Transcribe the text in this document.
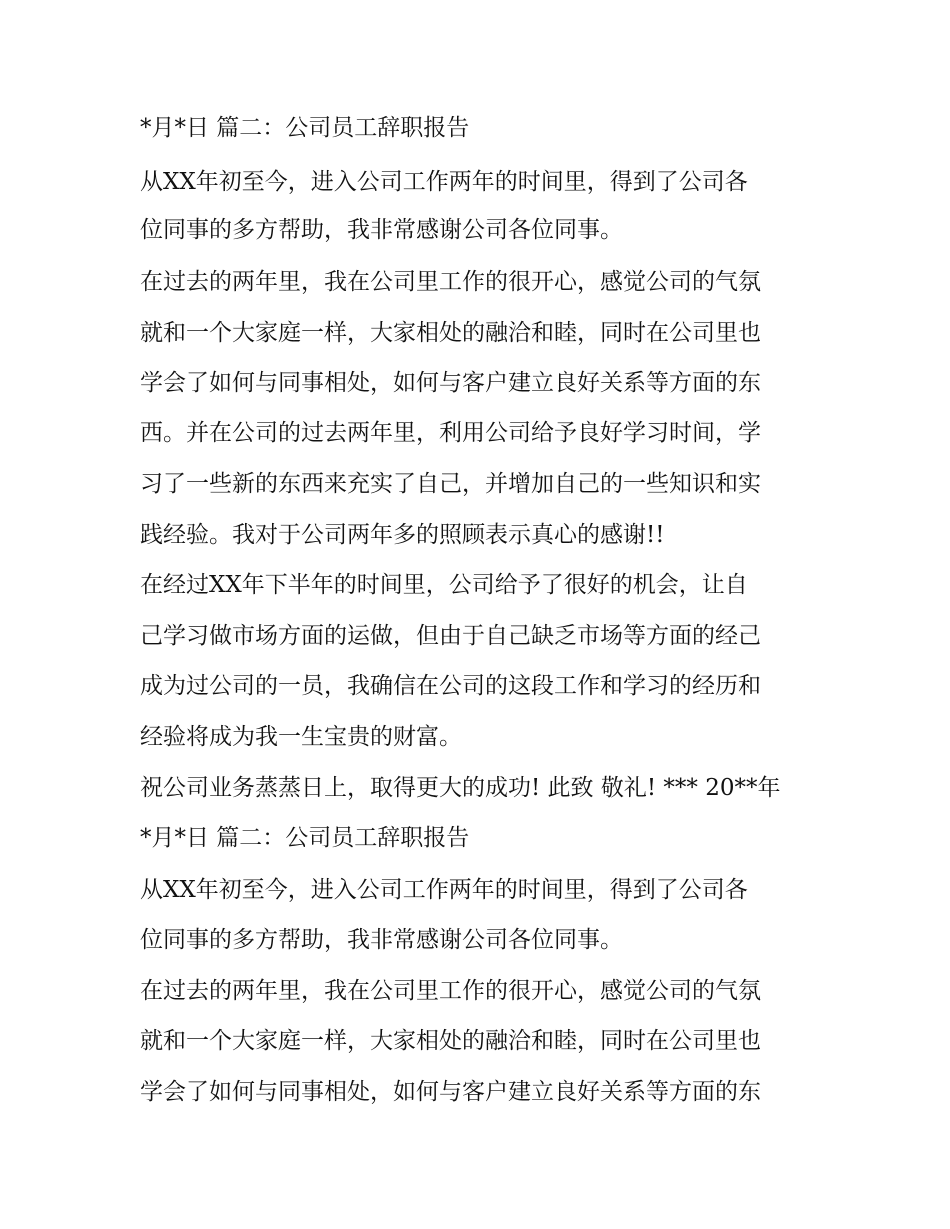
*月*日 篇二：公司员工辞职报告
从XX年初至今，进入公司工作两年的时间里，得到了公司各
位同事的多方帮助，我非常感谢公司各位同事。
在过去的两年里，我在公司里工作的很开心，感觉公司的气氛
就和一个大家庭一样，大家相处的融洽和睦，同时在公司里也
学会了如何与同事相处，如何与客户建立良好关系等方面的东
西。并在公司的过去两年里，利用公司给予良好学习时间，学
习了一些新的东西来充实了自己，并增加自己的一些知识和实
践经验。我对于公司两年多的照顾表示真心的感谢!!
在经过XX年下半年的时间里，公司给予了很好的机会，让自
己学习做市场方面的运做，但由于自己缺乏市场等方面的经己
成为过公司的一员，我确信在公司的这段工作和学习的经历和
经验将成为我一生宝贵的财富。
祝公司业务蒸蒸日上，取得更大的成功! 此致 敬礼! *** 20**年
*月*日 篇二：公司员工辞职报告
从XX年初至今，进入公司工作两年的时间里，得到了公司各
位同事的多方帮助，我非常感谢公司各位同事。
在过去的两年里，我在公司里工作的很开心，感觉公司的气氛
就和一个大家庭一样，大家相处的融洽和睦，同时在公司里也
学会了如何与同事相处，如何与客户建立良好关系等方面的东
